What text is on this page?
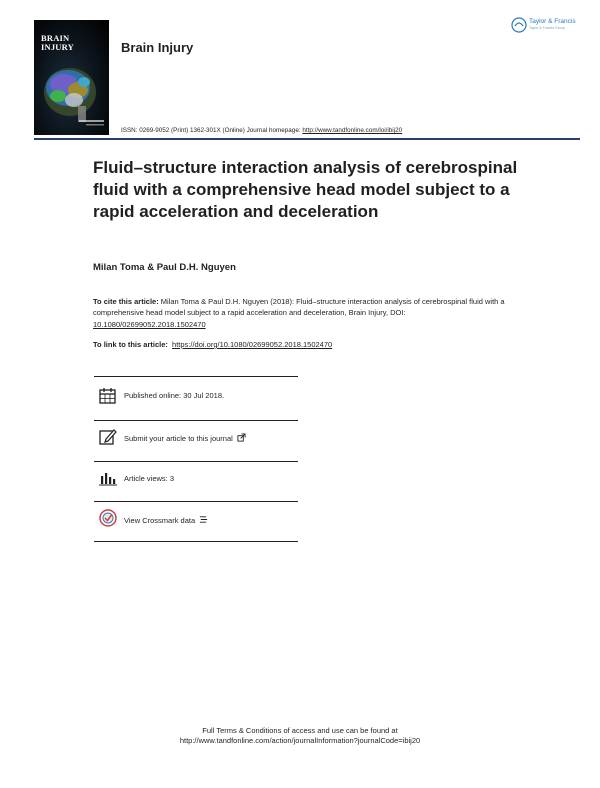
BRAIN
INJURY	Brain Injury
Taylor & Francis
Taylor & Francis Group
ISSN: 0269-9052 (Print) 1362-301X (Online) Journal homepage: http://www.tandfonline.com/loi/ibij20
Fluid–structure interaction analysis of cerebrospinal fluid with a comprehensive head model subject to a rapid acceleration and deceleration
Milan Toma & Paul D.H. Nguyen
To cite this article: Milan Toma & Paul D.H. Nguyen (2018): Fluid–structure interaction analysis of cerebrospinal fluid with a comprehensive head model subject to a rapid acceleration and deceleration, Brain Injury, DOI: 10.1080/02699052.2018.1502470
To link to this article: https://doi.org/10.1080/02699052.2018.1502470
Published online: 30 Jul 2018.
Submit your article to this journal
Article views: 3
View Crossmark data
Full Terms & Conditions of access and use can be found at
http://www.tandfonline.com/action/journalInformation?journalCode=ibij20
